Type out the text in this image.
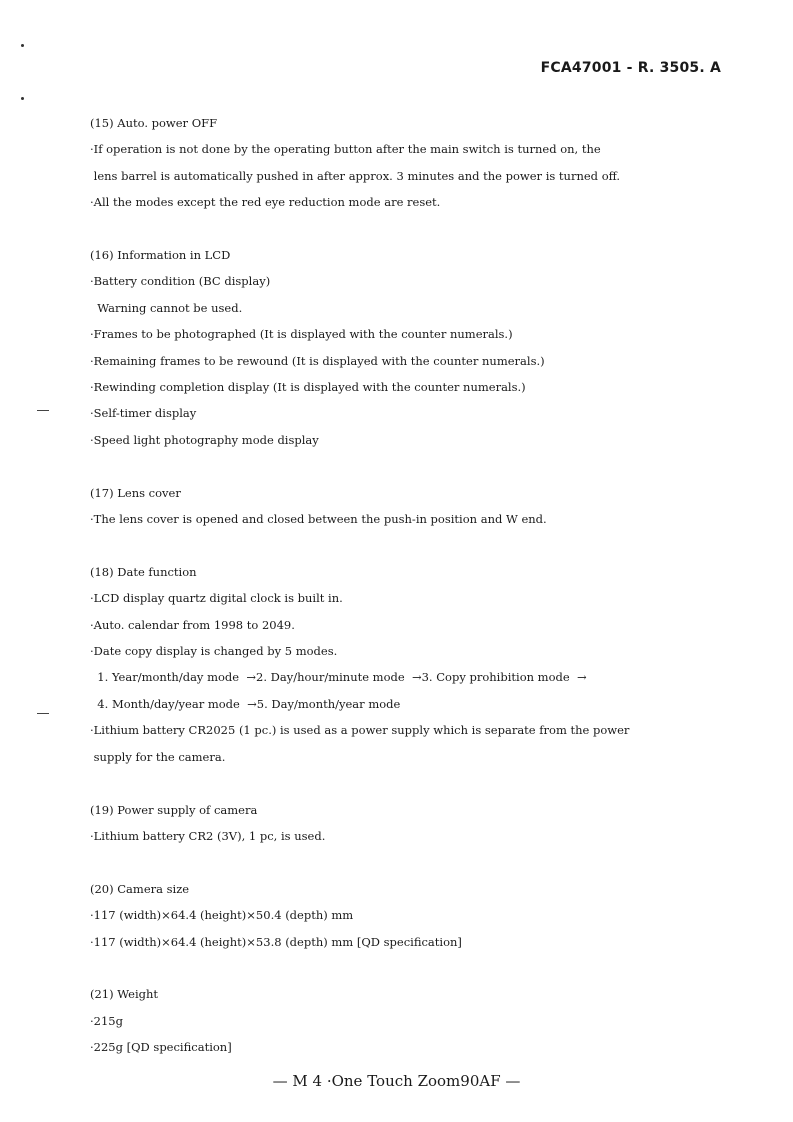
FCA47001 - R. 3505. A
(15) Auto. power OFF
·If operation is not done by the operating button after the main switch is turned on, the
lens barrel is automatically pushed in after approx. 3 minutes and the power is turned off.
·All the modes except the red eye reduction mode are reset.
(16) Information in LCD
·Battery condition (BC display)
Warning cannot be used.
·Frames to be photographed (It is displayed with the counter numerals.)
·Remaining frames to be rewound (It is displayed with the counter numerals.)
·Rewinding completion display (It is displayed with the counter numerals.)
·Self-timer display
·Speed light photography mode display
(17) Lens cover
·The lens cover is opened and closed between the push-in position and W end.
(18) Date function
·LCD display quartz digital clock is built in.
·Auto. calendar from 1998 to 2049.
·Date copy display is changed by 5 modes.
1. Year/month/day mode  →2. Day/hour/minute mode  →3. Copy prohibition mode  →
4. Month/day/year mode  →5. Day/month/year mode
·Lithium battery CR2025 (1 pc.) is used as a power supply which is separate from the power
supply for the camera.
(19) Power supply of camera
·Lithium battery CR2 (3V), 1 pc, is used.
(20) Camera size
·117 (width)×64.4 (height)×50.4 (depth) mm
·117 (width)×64.4 (height)×53.8 (depth) mm [QD specification]
(21) Weight
·215g
·225g [QD specification]
— M 4 ·One Touch Zoom90AF —
